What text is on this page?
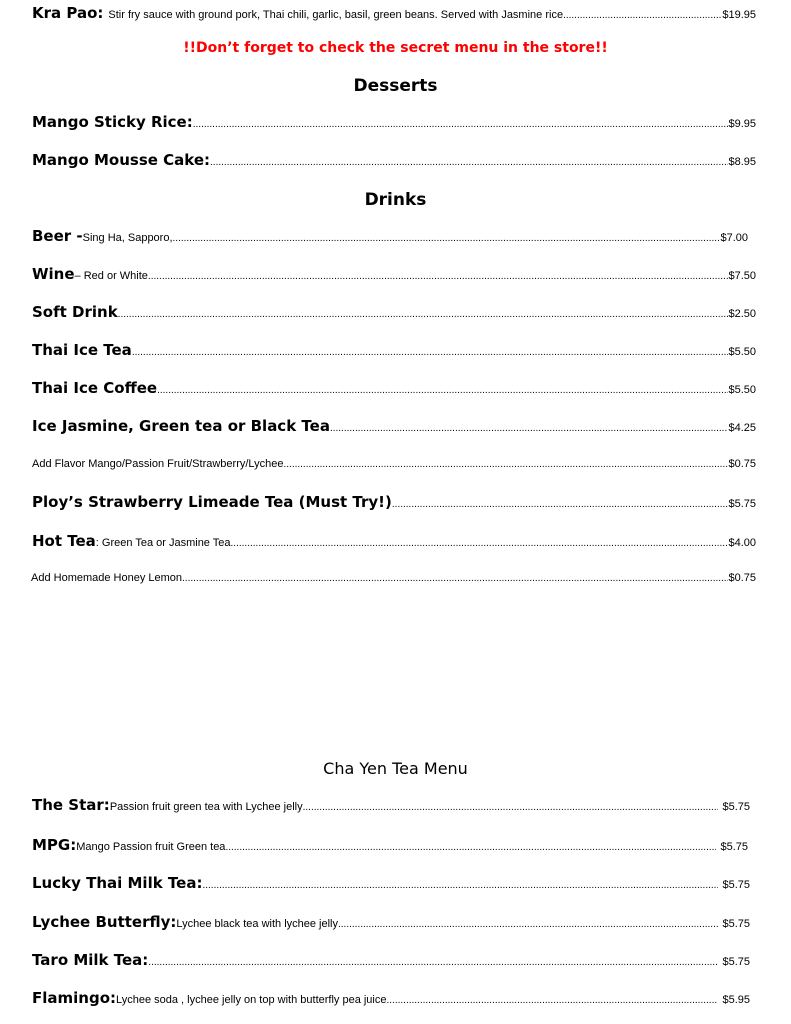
Kra Pao: Stir fry sauce with ground pork, Thai chili, garlic, basil, green beans. Served with Jasmine rice .....	$19.95
!!Don’t forget to check the secret menu in the store!!
Desserts
Mango Sticky Rice: .....	$9.95
Mango Mousse Cake: .....	$8.95
Drinks
Beer - Sing Ha, Sapporo, .....	$7.00
Wine – Red or White .....	$7.50
Soft Drink .....	$2.50
Thai Ice Tea .....	$5.50
Thai Ice Coffee .....	$5.50
Ice Jasmine, Green tea or Black Tea .....	$4.25
Add Flavor Mango/Passion Fruit/Strawberry/Lychee .....	$0.75
Ploy’s Strawberry Limeade Tea (Must Try!) .....	$5.75
Hot Tea : Green Tea or Jasmine Tea .....	$4.00
Add Homemade Honey Lemon .....	$0.75
Cha Yen Tea Menu
The Star: Passion fruit green tea with Lychee jelly .....	$5.75
MPG: Mango Passion fruit Green tea .....	$5.75
Lucky Thai Milk Tea: .....	$5.75
Lychee Butterfly: Lychee black tea with lychee jelly .....	$5.75
Taro Milk Tea: .....	$5.75
Flamingo: Lychee soda , lychee jelly on top with butterfly pea juice .....	$5.95
